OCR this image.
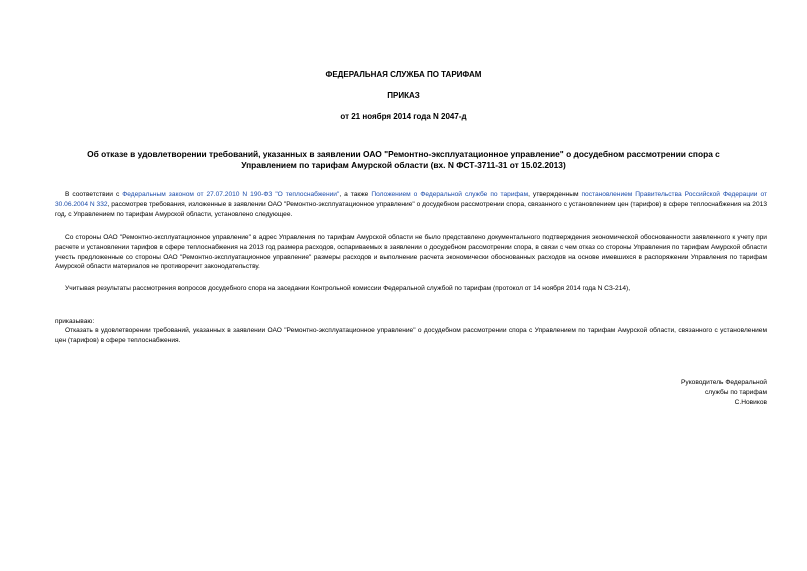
ФЕДЕРАЛЬНАЯ СЛУЖБА ПО ТАРИФАМ
ПРИКАЗ
от 21 ноября 2014 года N 2047-д
Об отказе в удовлетворении требований, указанных в заявлении ОАО "Ремонтно-эксплуатационное управление" о досудебном рассмотрении спора с
Управлением по тарифам Амурской области (вх. N ФСТ-3711-31 от 15.02.2013)
В соответствии с Федеральным законом от 27.07.2010 N 190-ФЗ "О теплоснабжении", а также Положением о Федеральной службе по тарифам, утвержденным постановлением Правительства Российской Федерации от 30.06.2004 N 332, рассмотрев требования, изложенные в заявлении ОАО "Ремонтно-эксплуатационное управление" о досудебном рассмотрении спора, связанного с установлением цен (тарифов) в сфере теплоснабжения на 2013 год, с Управлением по тарифам Амурской области, установлено следующее.
Со стороны ОАО "Ремонтно-эксплуатационное управление" в адрес Управления по тарифам Амурской области не было представлено документального подтверждения экономической обоснованности заявленного к учету при расчете и установлении тарифов в сфере теплоснабжения на 2013 год размера расходов, оспариваемых в заявлении о досудебном рассмотрении спора, в связи с чем отказ со стороны Управления по тарифам Амурской области учесть предложенные со стороны ОАО "Ремонтно-эксплуатационное управление" размеры расходов и выполнение расчета экономически обоснованных расходов на основе имевшихся в распоряжении Управления по тарифам Амурской области материалов не противоречит законодательству.
Учитывая результаты рассмотрения вопросов досудебного спора на заседании Контрольной комиссии Федеральной службой по тарифам (протокол от 14 ноября 2014 года N СЗ-214),
приказываю:
Отказать в удовлетворении требований, указанных в заявлении ОАО "Ремонтно-эксплуатационное управление" о досудебном рассмотрении спора с Управлением по тарифам Амурской области, связанного с установлением цен (тарифов) в сфере теплоснабжения.
Руководитель Федеральной
службы по тарифам
С.Новиков
